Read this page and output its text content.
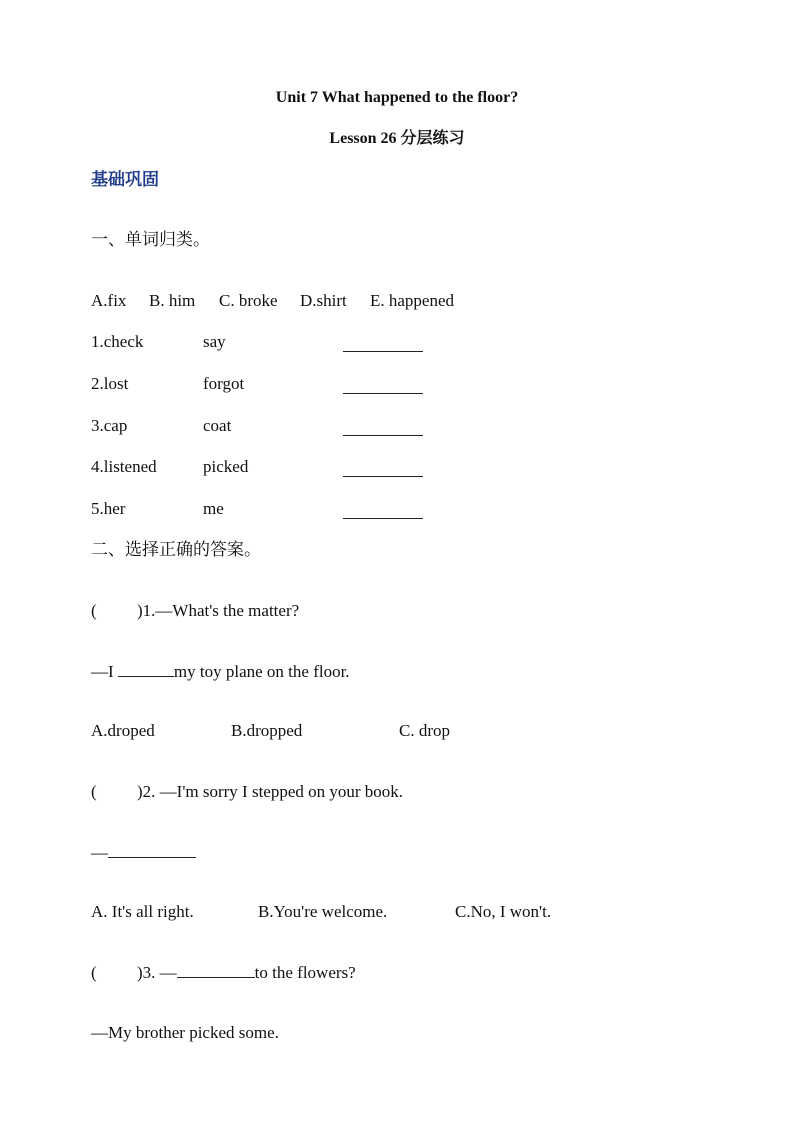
Unit 7 What happened to the floor?
Lesson 26 分层练习
基础巩固
一、单词归类。
A.fix B. him C. broke D.shirt E. happened
1.check	say
2.lost	forgot
3.cap	coat
4.listened	picked
5.her	me
二、选择正确的答案。
( )1.—What's the matter?
—I	my toy plane on the floor.
A.droped	B.dropped	C. drop
( )2. —I'm sorry I stepped on your book.
—
A. It's all right.	B.You're welcome.	C.No, I won't.
( )3. —	to the flowers?
—My brother picked some.
